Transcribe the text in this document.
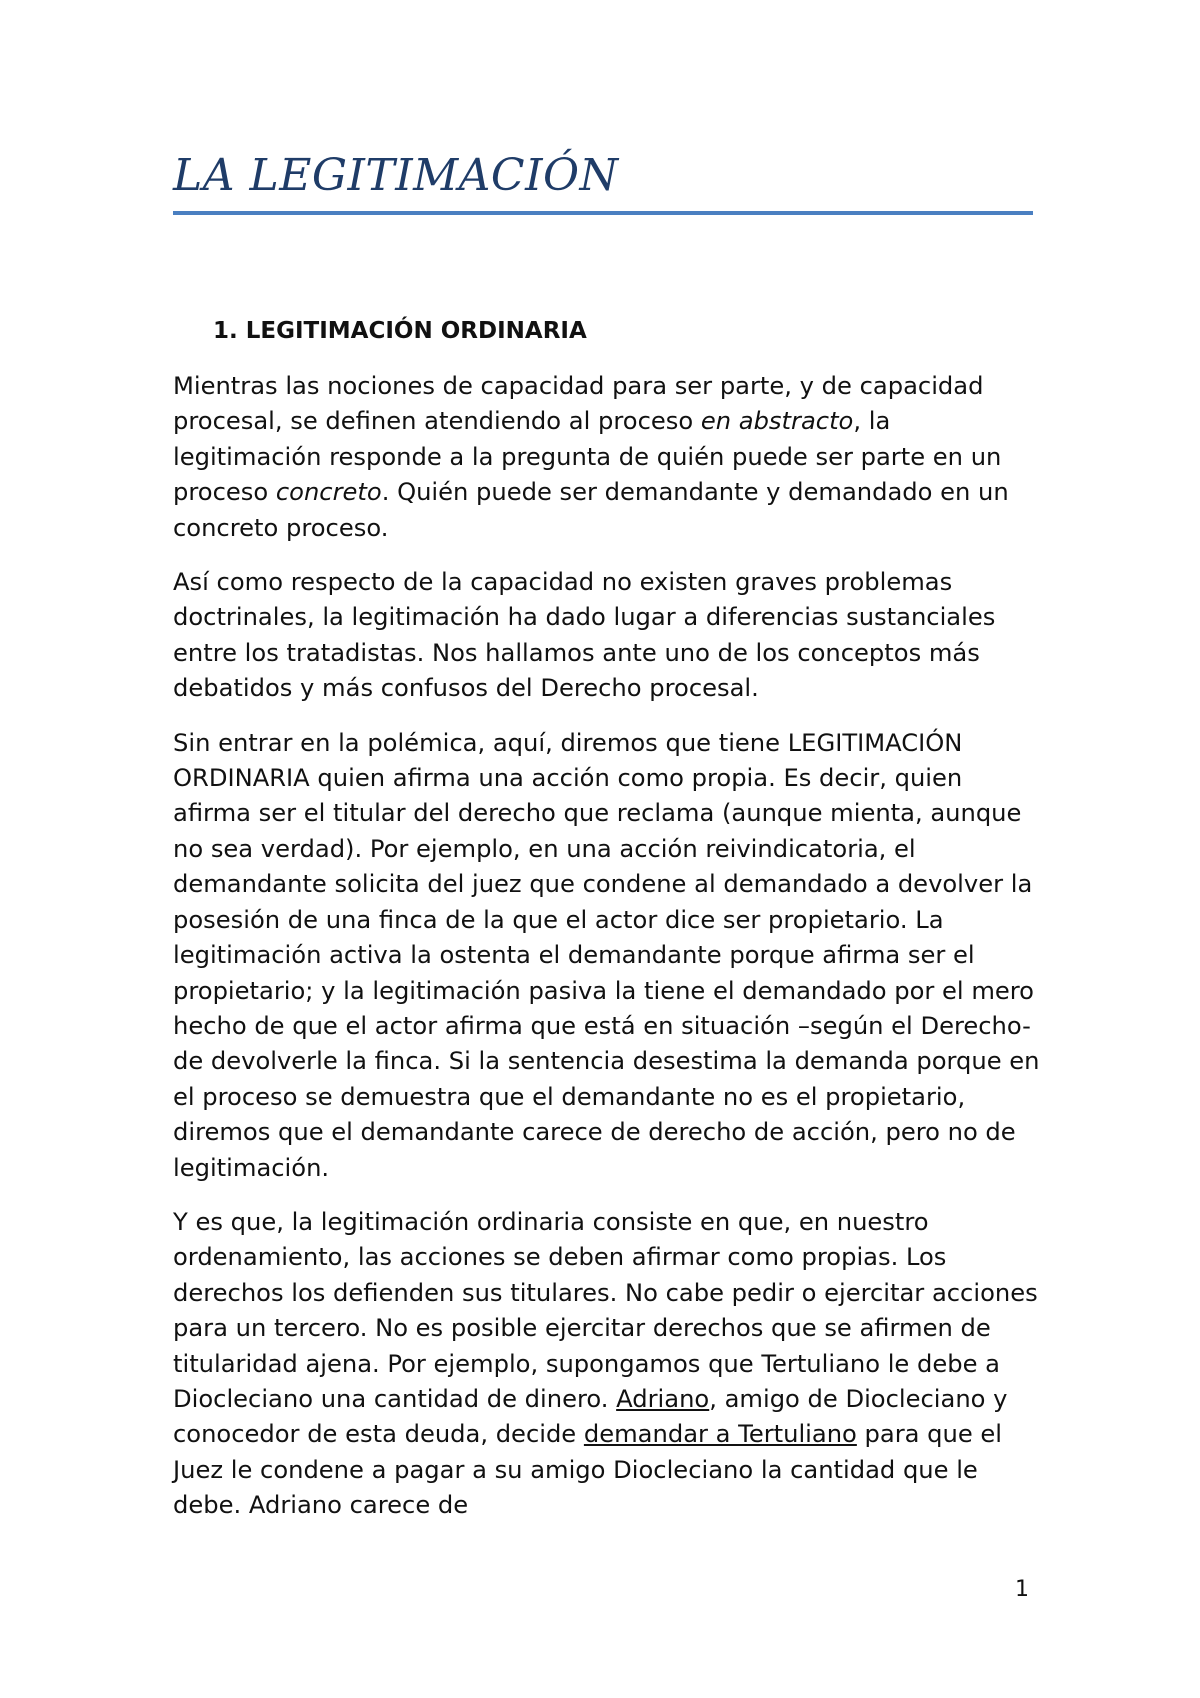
LA LEGITIMACIÓN
1. LEGITIMACIÓN ORDINARIA

Mientras las nociones de capacidad para ser parte, y de capacidad procesal, se definen atendiendo al proceso en abstracto, la legitimación responde a la pregunta de quién puede ser parte en un proceso concreto. Quién puede ser demandante y demandado en un concreto proceso.

Así como respecto de la capacidad no existen graves problemas doctrinales, la legitimación ha dado lugar a diferencias sustanciales entre los tratadistas. Nos hallamos ante uno de los conceptos más debatidos y más confusos del Derecho procesal.

Sin entrar en la polémica, aquí, diremos que tiene LEGITIMACIÓN ORDINARIA quien afirma una acción como propia. Es decir, quien afirma ser el titular del derecho que reclama (aunque mienta, aunque no sea verdad). Por ejemplo, en una acción reivindicatoria, el demandante solicita del juez que condene al demandado a devolver la posesión de una finca de la que el actor dice ser propietario. La legitimación activa la ostenta el demandante porque afirma ser el propietario; y la legitimación pasiva la tiene el demandado por el mero hecho de que el actor afirma que está en situación –según el Derecho- de devolverle la finca. Si la sentencia desestima la demanda porque en el proceso se demuestra que el demandante no es el propietario, diremos que el demandante carece de derecho de acción, pero no de legitimación.

Y es que, la legitimación ordinaria consiste en que, en nuestro ordenamiento, las acciones se deben afirmar como propias. Los derechos los defienden sus titulares. No cabe pedir o ejercitar acciones para un tercero. No es posible ejercitar derechos que se afirmen de titularidad ajena. Por ejemplo, supongamos que Tertuliano le debe a Diocleciano una cantidad de dinero. Adriano, amigo de Diocleciano y conocedor de esta deuda, decide demandar a Tertuliano para que el Juez le condene a pagar a su amigo Diocleciano la cantidad que le debe. Adriano carece de

1
